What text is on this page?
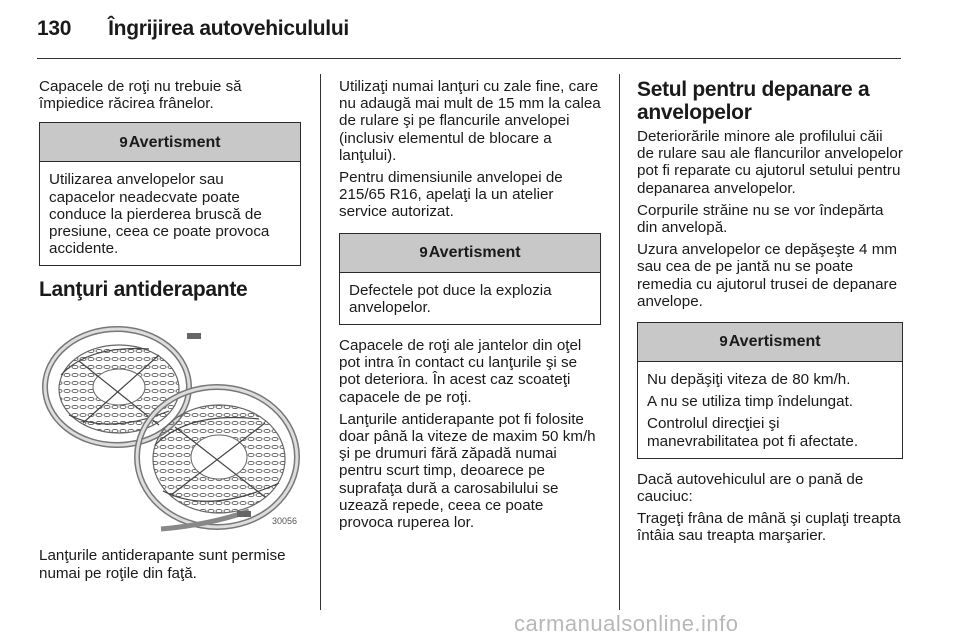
130 Îngrijirea autovehiculului

Capacele de roţi nu trebuie să împiedice răcirea frânelor.

9 Avertisment

Utilizarea anvelopelor sau capacelor neadecvate poate conduce la pierderea bruscă de presiune, ceea ce poate provoca accidente.

Lanţuri antiderapante
30056

Lanţurile antiderapante sunt permise numai pe roţile din faţă.

Utilizaţi numai lanţuri cu zale fine, care nu adaugă mai mult de 15 mm la calea de rulare şi pe flancurile anvelopei (inclusiv elementul de blocare a lanţului).

Pentru dimensiunile anvelopei de 215/65 R16, apelaţi la un atelier service autorizat.

9 Avertisment

Defectele pot duce la explozia anvelopelor.

Capacele de roţi ale jantelor din oţel pot intra în contact cu lanţurile şi se pot deteriora. În acest caz scoateţi capacele de pe roţi.

Lanţurile antiderapante pot fi folosite doar până la viteze de maxim 50 km/h şi pe drumuri fără zăpadă numai pentru scurt timp, deoarece pe suprafaţa dură a carosabilului se uzează repede, ceea ce poate provoca ruperea lor.

Setul pentru depanare a anvelopelor

Deteriorările minore ale profilului căii de rulare sau ale flancurilor anvelopelor pot fi reparate cu ajutorul setului pentru depanarea anvelopelor.

Corpurile străine nu se vor îndepărta din anvelopă.

Uzura anvelopelor ce depăşeşte 4 mm sau cea de pe jantă nu se poate remedia cu ajutorul trusei de depanare anvelope.

9 Avertisment

Nu depăşiţi viteza de 80 km/h.

A nu se utiliza timp îndelungat.

Controlul direcţiei şi manevrabilitatea pot fi afectate.

Dacă autovehiculul are o pană de cauciuc:

Trageţi frâna de mână şi cuplaţi treapta întâia sau treapta marşarier.

carmanualsonline.info
